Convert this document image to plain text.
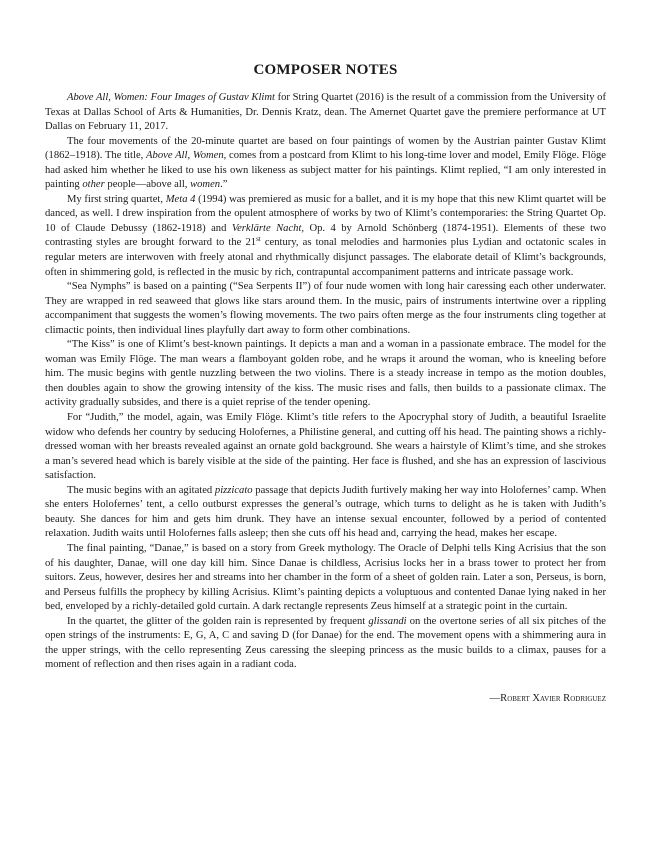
COMPOSER NOTES

Above All, Women: Four Images of Gustav Klimt for String Quartet (2016) is the result of a commission from the University of Texas at Dallas School of Arts & Humanities, Dr. Dennis Kratz, dean. The Amernet Quartet gave the premiere performance at UT Dallas on February 11, 2017.

The four movements of the 20-minute quartet are based on four paintings of women by the Austrian painter Gustav Klimt (1862–1918). The title, Above All, Women, comes from a postcard from Klimt to his long-time lover and model, Emily Flöge. Flöge had asked him whether he liked to use his own likeness as subject matter for his paintings. Klimt replied, “I am only interested in painting other people—above all, women.”

My first string quartet, Meta 4 (1994) was premiered as music for a ballet, and it is my hope that this new Klimt quartet will be danced, as well. I drew inspiration from the opulent atmosphere of works by two of Klimt’s contemporaries: the String Quartet Op. 10 of Claude Debussy (1862-1918) and Verklärte Nacht, Op. 4 by Arnold Schönberg (1874-1951). Elements of these two contrasting styles are brought forward to the 21st century, as tonal melodies and harmonies plus Lydian and octatonic scales in regular meters are interwoven with freely atonal and rhythmically disjunct passages. The elaborate detail of Klimt’s backgrounds, often in shimmering gold, is reflected in the music by rich, contrapuntal accompaniment patterns and intricate passage work.

“Sea Nymphs” is based on a painting (“Sea Serpents II”) of four nude women with long hair caressing each other underwater. They are wrapped in red seaweed that glows like stars around them. In the music, pairs of instruments intertwine over a rippling accompaniment that suggests the women’s flowing movements. The two pairs often merge as the four instruments cling together at climactic points, then individual lines playfully dart away to form other combinations.

“The Kiss” is one of Klimt’s best-known paintings. It depicts a man and a woman in a passionate embrace. The model for the woman was Emily Flöge. The man wears a flamboyant golden robe, and he wraps it around the woman, who is kneeling before him. The music begins with gentle nuzzling between the two violins. There is a steady increase in tempo as the motion doubles, then doubles again to show the growing intensity of the kiss. The music rises and falls, then builds to a passionate climax. The activity gradually subsides, and there is a quiet reprise of the tender opening.

For “Judith,” the model, again, was Emily Flöge. Klimt’s title refers to the Apocryphal story of Judith, a beautiful Israelite widow who defends her country by seducing Holofernes, a Philistine general, and cutting off his head. The painting shows a richly-dressed woman with her breasts revealed against an ornate gold background. She wears a hairstyle of Klimt’s time, and she strokes a man’s severed head which is barely visible at the side of the painting. Her face is flushed, and she has an expression of lascivious satisfaction.

The music begins with an agitated pizzicato passage that depicts Judith furtively making her way into Holofernes’ camp. When she enters Holofernes’ tent, a cello outburst expresses the general’s outrage, which turns to delight as he is taken with Judith’s beauty. She dances for him and gets him drunk. They have an intense sexual encounter, followed by a period of contented relaxation. Judith waits until Holofernes falls asleep; then she cuts off his head and, carrying the head, makes her escape.

The final painting, “Danae,” is based on a story from Greek mythology. The Oracle of Delphi tells King Acrisius that the son of his daughter, Danae, will one day kill him. Since Danae is childless, Acrisius locks her in a brass tower to protect her from suitors. Zeus, however, desires her and streams into her chamber in the form of a sheet of golden rain. Later a son, Perseus, is born, and Perseus fulfills the prophecy by killing Acrisius. Klimt’s painting depicts a voluptuous and contented Danae lying naked in her bed, enveloped by a richly-detailed gold curtain. A dark rectangle represents Zeus himself at a strategic point in the curtain.

In the quartet, the glitter of the golden rain is represented by frequent glissandi on the overtone series of all six pitches of the open strings of the instruments: E, G, A, C and saving D (for Danae) for the end. The movement opens with a shimmering aura in the upper strings, with the cello representing Zeus caressing the sleeping princess as the music builds to a climax, pauses for a moment of reflection and then rises again in a radiant coda.

—Robert Xavier Rodriguez
